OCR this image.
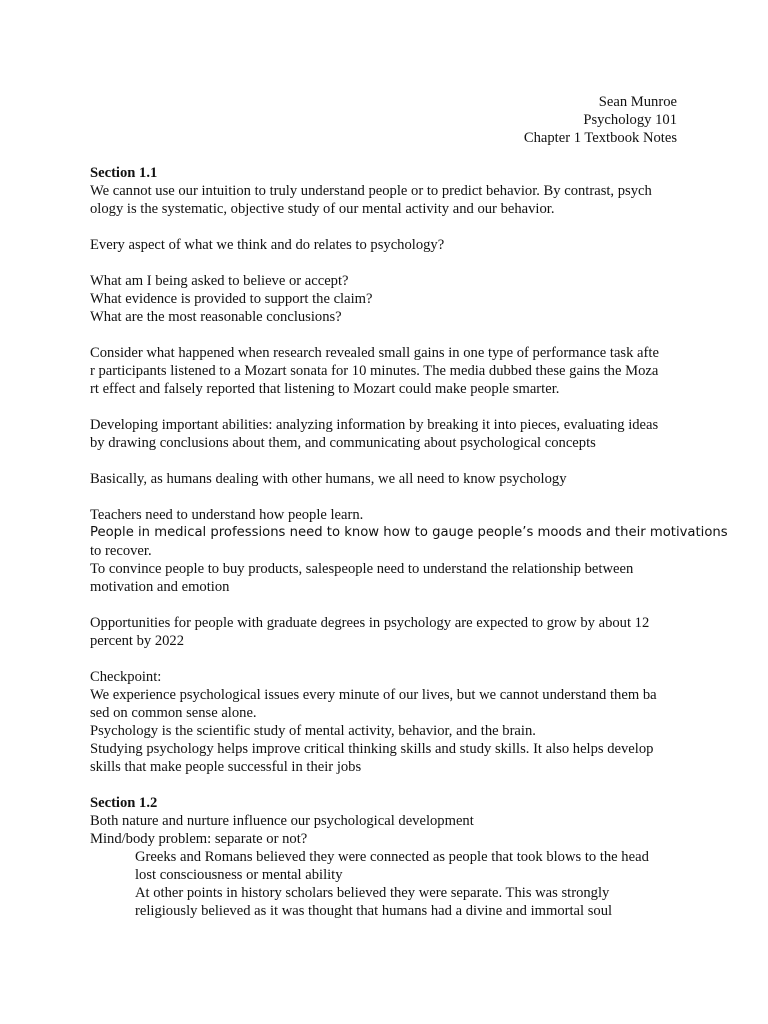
Sean Munroe
Psychology 101
Chapter 1 Textbook Notes
Section 1.1
We cannot use our intuition to truly understand people or to predict behavior. By contrast, psych
ology is the systematic, objective study of our mental activity and our behavior.
Every aspect of what we think and do relates to psychology?
What am I being asked to believe or accept?
What evidence is provided to support the claim?
What are the most reasonable conclusions?
Consider what happened when research revealed small gains in one type of performance task afte
r participants listened to a Mozart sonata for 10 minutes. The media dubbed these gains the Moza
rt effect and falsely reported that listening to Mozart could make people smarter.
Developing important abilities: analyzing information by breaking it into pieces, evaluating ideas
by drawing conclusions about them, and communicating about psychological concepts
Basically, as humans dealing with other humans, we all need to know psychology
Teachers need to understand how people learn.
People in medical professions need to know how to gauge people’s moods and their motivations
to recover.
To convince people to buy products, salespeople need to understand the relationship between
motivation and emotion
Opportunities for people with graduate degrees in psychology are expected to grow by about 12
percent by 2022
Checkpoint:
We experience psychological issues every minute of our lives, but we cannot understand them ba
sed on common sense alone.
Psychology is the scientific study of mental activity, behavior, and the brain.
Studying psychology helps improve critical thinking skills and study skills. It also helps develop
skills that make people successful in their jobs
Section 1.2
Both nature and nurture influence our psychological development
Mind/body problem: separate or not?
Greeks and Romans believed they were connected as people that took blows to the head
lost consciousness or mental ability
At other points in history scholars believed they were separate. This was strongly
religiously believed as it was thought that humans had a divine and immortal soul
